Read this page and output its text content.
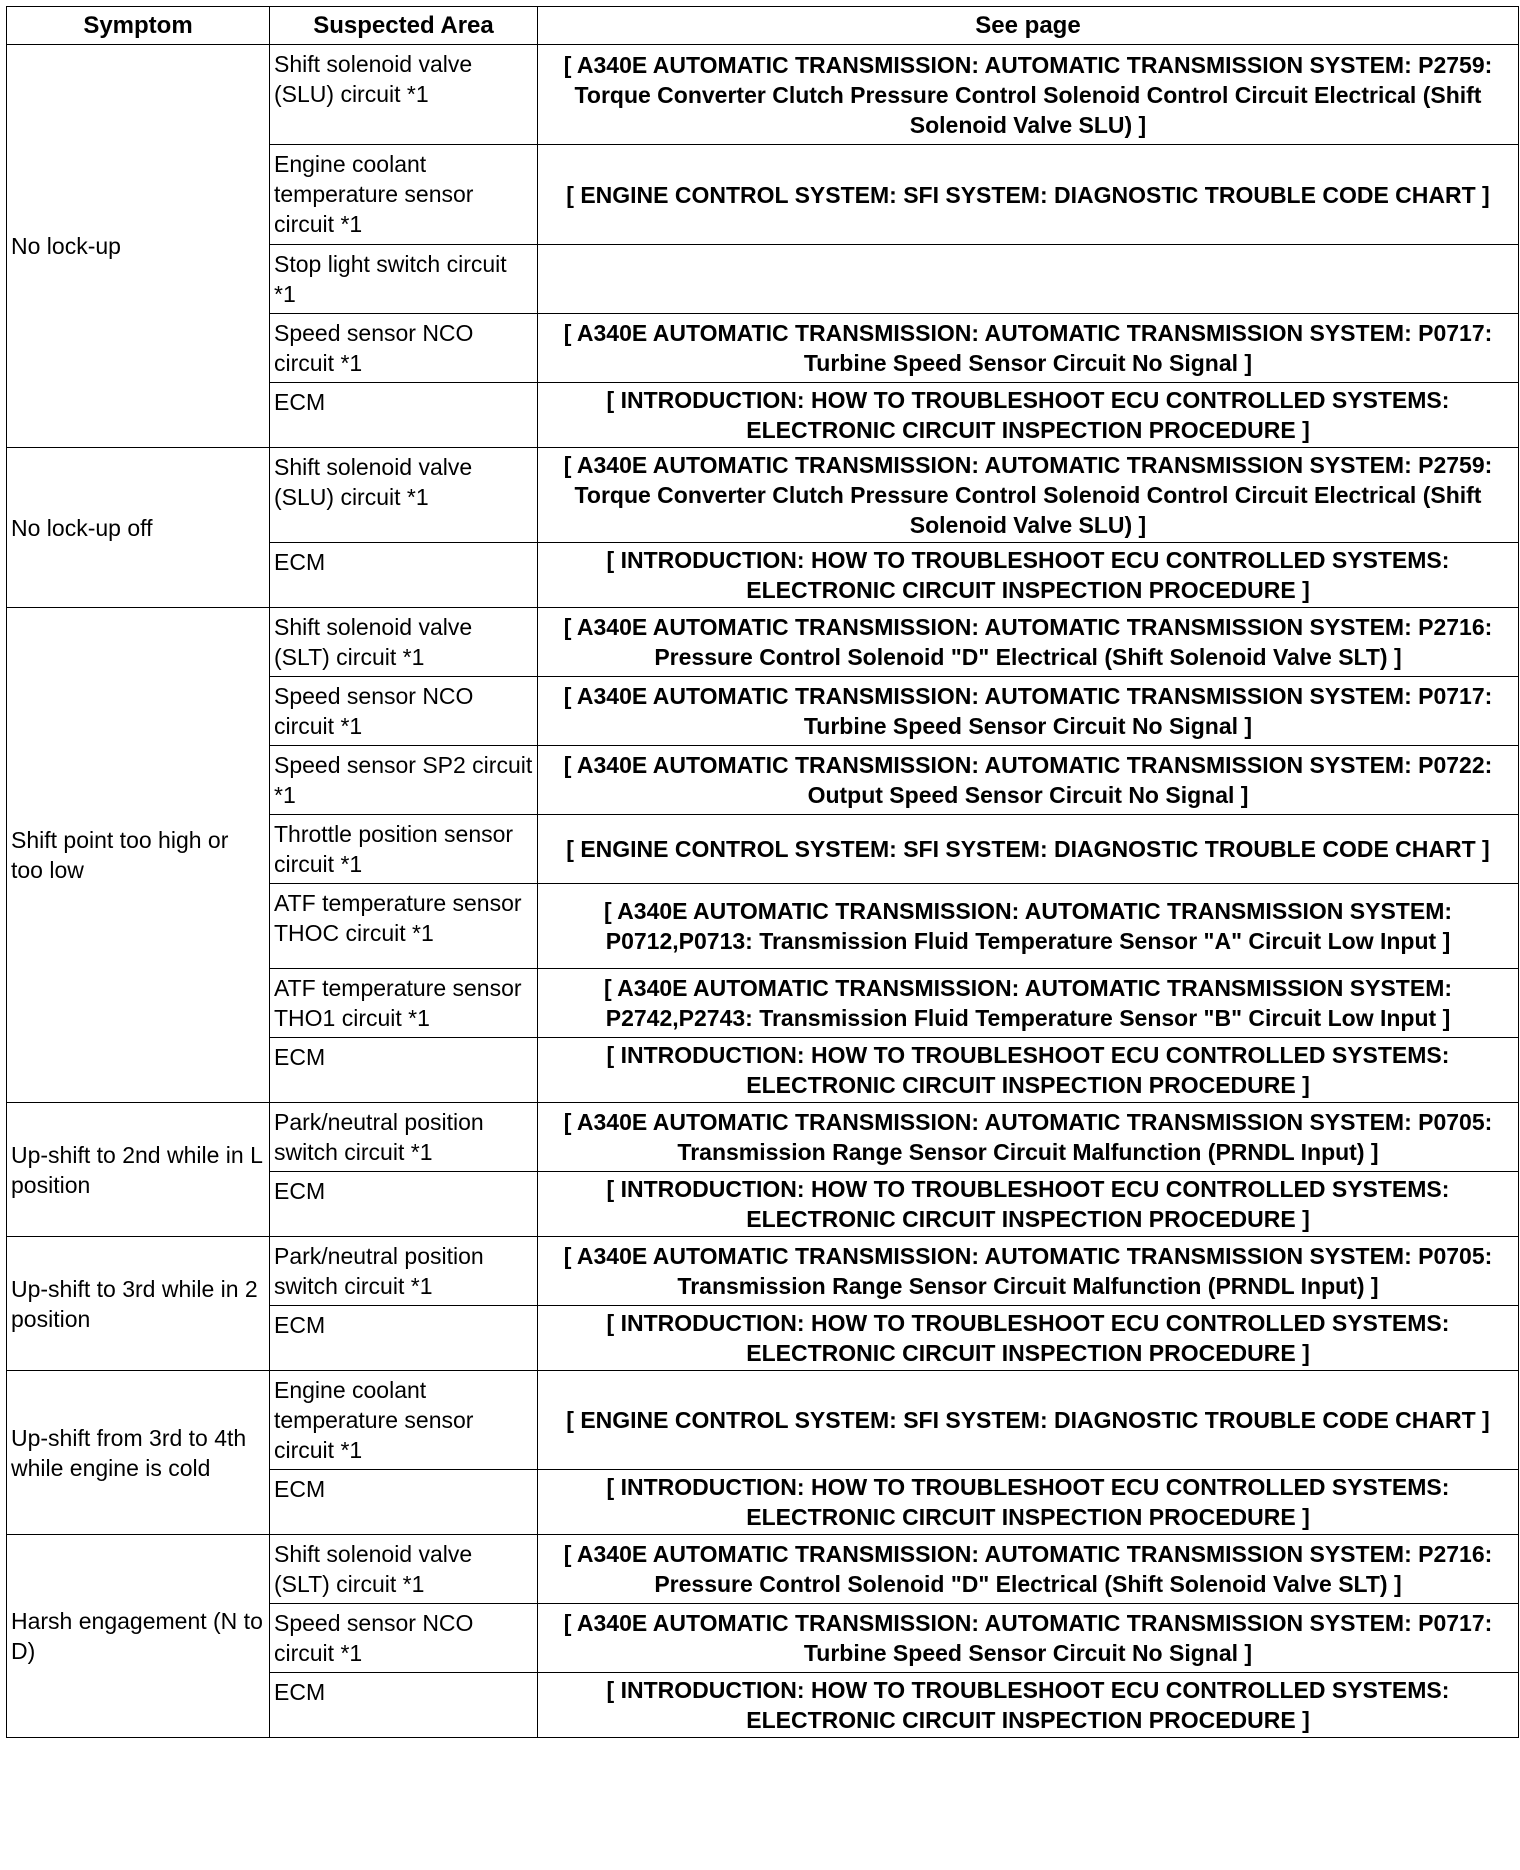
Symptom	Suspected Area	See page
No lock-up	Shift solenoid valve (SLU) circuit *1	[ A340E AUTOMATIC TRANSMISSION: AUTOMATIC TRANSMISSION SYSTEM: P2759: Torque Converter Clutch Pressure Control Solenoid Control Circuit Electrical (Shift Solenoid Valve SLU) ]
	Engine coolant temperature sensor circuit *1	[ ENGINE CONTROL SYSTEM: SFI SYSTEM: DIAGNOSTIC TROUBLE CODE CHART ]
	Stop light switch circuit *1	
	Speed sensor NCO circuit *1	[ A340E AUTOMATIC TRANSMISSION: AUTOMATIC TRANSMISSION SYSTEM: P0717: Turbine Speed Sensor Circuit No Signal ]
	ECM	[ INTRODUCTION: HOW TO TROUBLESHOOT ECU CONTROLLED SYSTEMS: ELECTRONIC CIRCUIT INSPECTION PROCEDURE ]
No lock-up off	Shift solenoid valve (SLU) circuit *1	[ A340E AUTOMATIC TRANSMISSION: AUTOMATIC TRANSMISSION SYSTEM: P2759: Torque Converter Clutch Pressure Control Solenoid Control Circuit Electrical (Shift Solenoid Valve SLU) ]
	ECM	[ INTRODUCTION: HOW TO TROUBLESHOOT ECU CONTROLLED SYSTEMS: ELECTRONIC CIRCUIT INSPECTION PROCEDURE ]
Shift point too high or too low	Shift solenoid valve (SLT) circuit *1	[ A340E AUTOMATIC TRANSMISSION: AUTOMATIC TRANSMISSION SYSTEM: P2716: Pressure Control Solenoid "D" Electrical (Shift Solenoid Valve SLT) ]
	Speed sensor NCO circuit *1	[ A340E AUTOMATIC TRANSMISSION: AUTOMATIC TRANSMISSION SYSTEM: P0717: Turbine Speed Sensor Circuit No Signal ]
	Speed sensor SP2 circuit *1	[ A340E AUTOMATIC TRANSMISSION: AUTOMATIC TRANSMISSION SYSTEM: P0722: Output Speed Sensor Circuit No Signal ]
	Throttle position sensor circuit *1	[ ENGINE CONTROL SYSTEM: SFI SYSTEM: DIAGNOSTIC TROUBLE CODE CHART ]
	ATF temperature sensor THOC circuit *1	[ A340E AUTOMATIC TRANSMISSION: AUTOMATIC TRANSMISSION SYSTEM: P0712,P0713: Transmission Fluid Temperature Sensor "A" Circuit Low Input ]
	ATF temperature sensor THO1 circuit *1	[ A340E AUTOMATIC TRANSMISSION: AUTOMATIC TRANSMISSION SYSTEM: P2742,P2743: Transmission Fluid Temperature Sensor "B" Circuit Low Input ]
	ECM	[ INTRODUCTION: HOW TO TROUBLESHOOT ECU CONTROLLED SYSTEMS: ELECTRONIC CIRCUIT INSPECTION PROCEDURE ]
Up-shift to 2nd while in L position	Park/neutral position switch circuit *1	[ A340E AUTOMATIC TRANSMISSION: AUTOMATIC TRANSMISSION SYSTEM: P0705: Transmission Range Sensor Circuit Malfunction (PRNDL Input) ]
	ECM	[ INTRODUCTION: HOW TO TROUBLESHOOT ECU CONTROLLED SYSTEMS: ELECTRONIC CIRCUIT INSPECTION PROCEDURE ]
Up-shift to 3rd while in 2 position	Park/neutral position switch circuit *1	[ A340E AUTOMATIC TRANSMISSION: AUTOMATIC TRANSMISSION SYSTEM: P0705: Transmission Range Sensor Circuit Malfunction (PRNDL Input) ]
	ECM	[ INTRODUCTION: HOW TO TROUBLESHOOT ECU CONTROLLED SYSTEMS: ELECTRONIC CIRCUIT INSPECTION PROCEDURE ]
Up-shift from 3rd to 4th while engine is cold	Engine coolant temperature sensor circuit *1	[ ENGINE CONTROL SYSTEM: SFI SYSTEM: DIAGNOSTIC TROUBLE CODE CHART ]
	ECM	[ INTRODUCTION: HOW TO TROUBLESHOOT ECU CONTROLLED SYSTEMS: ELECTRONIC CIRCUIT INSPECTION PROCEDURE ]
Harsh engagement (N to D)	Shift solenoid valve (SLT) circuit *1	[ A340E AUTOMATIC TRANSMISSION: AUTOMATIC TRANSMISSION SYSTEM: P2716: Pressure Control Solenoid "D" Electrical (Shift Solenoid Valve SLT) ]
	Speed sensor NCO circuit *1	[ A340E AUTOMATIC TRANSMISSION: AUTOMATIC TRANSMISSION SYSTEM: P0717: Turbine Speed Sensor Circuit No Signal ]
	ECM	[ INTRODUCTION: HOW TO TROUBLESHOOT ECU CONTROLLED SYSTEMS: ELECTRONIC CIRCUIT INSPECTION PROCEDURE ]
